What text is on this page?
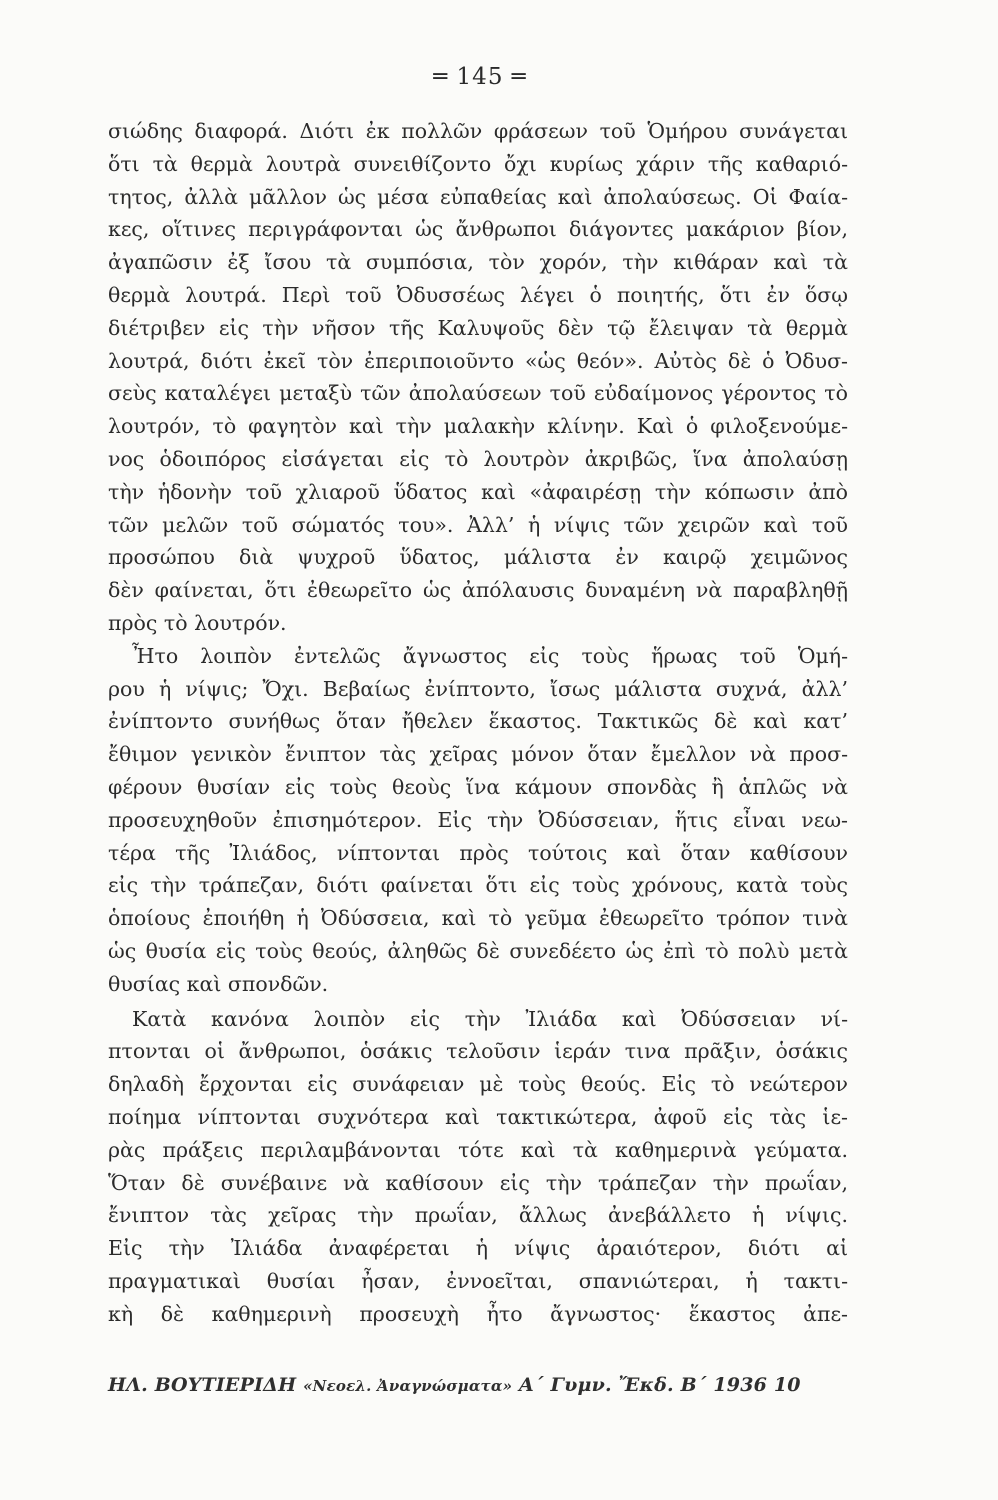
═ 145 ═
σιώδης διαφορά. Διότι ἐκ πολλῶν φράσεων τοῦ Ὁμήρου συνάγεται
ὅτι τὰ θερμὰ λουτρὰ συνειθίζοντο ὄχι κυρίως χάριν τῆς καθαριό-
τητος, ἀλλὰ μᾶλλον ὡς μέσα εὐπαθείας καὶ ἀπολαύσεως. Οἱ Φαία-
κες, οἵτινες περιγράφονται ὡς ἄνθρωποι διάγοντες μακάριον βίον,
ἀγαπῶσιν ἐξ ἴσου τὰ συμπόσια, τὸν χορόν, τὴν κιθάραν καὶ τὰ
θερμὰ λουτρά. Περὶ τοῦ Ὀδυσσέως λέγει ὁ ποιητής, ὅτι ἐν ὅσῳ
διέτριβεν εἰς τὴν νῆσον τῆς Καλυψοῦς δὲν τῷ ἔλειψαν τὰ θερμὰ
λουτρά, διότι ἐκεῖ τὸν ἐπεριποιοῦντο «ὡς θεόν». Αὐτὸς δὲ ὁ Ὀδυσ-
σεὺς καταλέγει μεταξὺ τῶν ἀπολαύσεων τοῦ εὐδαίμονος γέροντος τὸ
λουτρόν, τὸ φαγητὸν καὶ τὴν μαλακὴν κλίνην. Καὶ ὁ φιλοξενούμε-
νος ὁδοιπόρος εἰσάγεται εἰς τὸ λουτρὸν ἀκριβῶς, ἵνα ἀπολαύσῃ
τὴν ἡδονὴν τοῦ χλιαροῦ ὕδατος καὶ «ἀφαιρέσῃ τὴν κόπωσιν ἀπὸ
τῶν μελῶν τοῦ σώματός του». Ἀλλ’ ἡ νίψις τῶν χειρῶν καὶ τοῦ
προσώπου διὰ ψυχροῦ ὕδατος, μάλιστα ἐν καιρῷ χειμῶνος
δὲν φαίνεται, ὅτι ἐθεωρεῖτο ὡς ἀπόλαυσις δυναμένη νὰ παραβληθῇ
πρὸς τὸ λουτρόν.
Ἦτο λοιπὸν ἐντελῶς ἄγνωστος εἰς τοὺς ἥρωας τοῦ Ὁμή-
ρου ἡ νίψις; Ὄχι. Βεβαίως ἐνίπτοντο, ἴσως μάλιστα συχνά, ἀλλ’
ἐνίπτοντο συνήθως ὅταν ἤθελεν ἕκαστος. Τακτικῶς δὲ καὶ κατ’
ἔθιμον γενικὸν ἔνιπτον τὰς χεῖρας μόνον ὅταν ἔμελλον νὰ προσ-
φέρουν θυσίαν εἰς τοὺς θεοὺς ἵνα κάμουν σπονδὰς ἢ ἁπλῶς νὰ
προσευχηθοῦν ἐπισημότερον. Εἰς τὴν Ὀδύσσειαν, ἥτις εἶναι νεω-
τέρα τῆς Ἰλιάδος, νίπτονται πρὸς τούτοις καὶ ὅταν καθίσουν
εἰς τὴν τράπεζαν, διότι φαίνεται ὅτι εἰς τοὺς χρόνους, κατὰ τοὺς
ὁποίους ἐποιήθη ἡ Ὀδύσσεια, καὶ τὸ γεῦμα ἐθεωρεῖτο τρόπον τινὰ
ὡς θυσία εἰς τοὺς θεούς, ἀληθῶς δὲ συνεδέετο ὡς ἐπὶ τὸ πολὺ μετὰ
θυσίας καὶ σπονδῶν.
Κατὰ κανόνα λοιπὸν εἰς τὴν Ἰλιάδα καὶ Ὀδύσσειαν νί-
πτονται οἱ ἄνθρωποι, ὁσάκις τελοῦσιν ἱεράν τινα πρᾶξιν, ὁσάκις
δηλαδὴ ἔρχονται εἰς συνάφειαν μὲ τοὺς θεούς. Εἰς τὸ νεώτερον
ποίημα νίπτονται συχνότερα καὶ τακτικώτερα, ἀφοῦ εἰς τὰς ἱε-
ρὰς πράξεις περιλαμβάνονται τότε καὶ τὰ καθημερινὰ γεύματα.
Ὅταν δὲ συνέβαινε νὰ καθίσουν εἰς τὴν τράπεζαν τὴν πρωΐαν,
ἔνιπτον τὰς χεῖρας τὴν πρωΐαν, ἄλλως ἀνεβάλλετο ἡ νίψις.
Εἰς τὴν Ἰλιάδα ἀναφέρεται ἡ νίψις ἀραιότερον, διότι αἱ
πραγματικαὶ θυσίαι ἦσαν, ἐννοεῖται, σπανιώτεραι, ἡ τακτι-
κὴ δὲ καθημερινὴ προσευχὴ ἦτο ἄγνωστος· ἕκαστος ἀπε-
ΗΛ. ΒΟΥΤΙΕΡΙΔΗ «Νεοελ. Ἀναγνώσματα» Α΄ Γυμν. Ἔκδ. Β΄ 1936 10
